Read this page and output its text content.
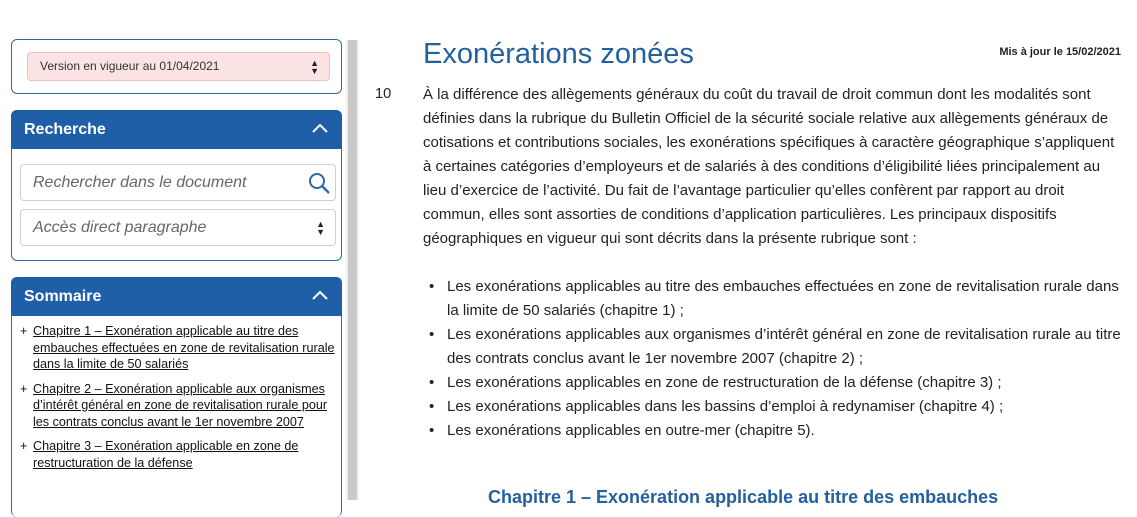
Version en vigueur au 01/04/2021	▲
▼
Recherche
Rechercher dans le document
Accès direct paragraphe	▲
▼
Sommaire
+ Chapitre 1 – Exonération applicable au titre des embauches effectuées en zone de revitalisation rurale dans la limite de 50 salariés
+ Chapitre 2 – Exonération applicable aux organismes d’intérêt général en zone de revitalisation rurale pour les contrats conclus avant le 1er novembre 2007
+ Chapitre 3 – Exonération applicable en zone de restructuration de la défense
Exonérations zonées	Mis à jour le 15/02/2021
10 À la différence des allègements généraux du coût du travail de droit commun dont les modalités sont définies dans la rubrique du Bulletin Officiel de la sécurité sociale relative aux allègements généraux de cotisations et contributions sociales, les exonérations spécifiques à caractère géographique s’appliquent à certaines catégories d’employeurs et de salariés à des conditions d’éligibilité liées principalement au lieu d’exercice de l’activité. Du fait de l’avantage particulier qu’elles confèrent par rapport au droit commun, elles sont assorties de conditions d’application particulières. Les principaux dispositifs géographiques en vigueur qui sont décrits dans la présente rubrique sont :
• Les exonérations applicables au titre des embauches effectuées en zone de revitalisation rurale dans la limite de 50 salariés (chapitre 1) ;
• Les exonérations applicables aux organismes d’intérêt général en zone de revitalisation rurale au titre des contrats conclus avant le 1er novembre 2007 (chapitre 2) ;
• Les exonérations applicables en zone de restructuration de la défense (chapitre 3) ;
• Les exonérations applicables dans les bassins d’emploi à redynamiser (chapitre 4) ;
• Les exonérations applicables en outre-mer (chapitre 5).
Chapitre 1 – Exonération applicable au titre des embauches
